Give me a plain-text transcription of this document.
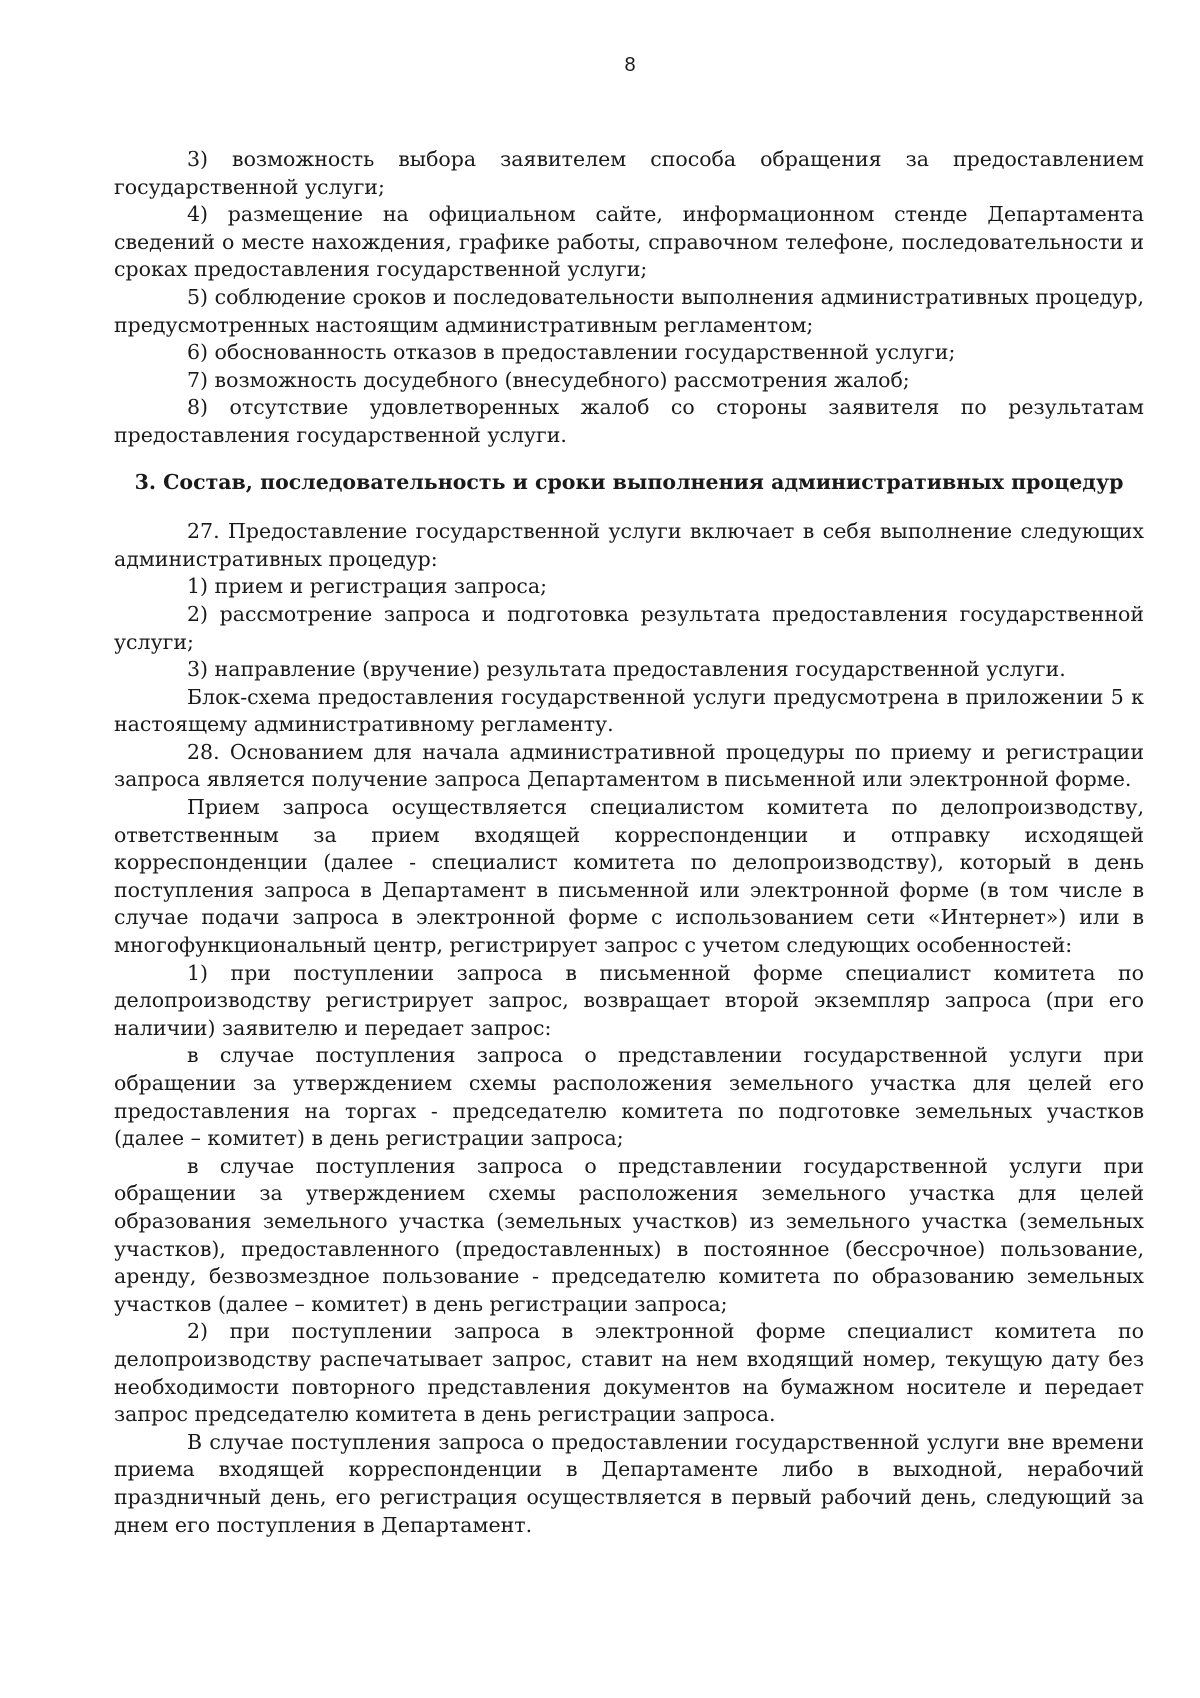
8

3) возможность выбора заявителем способа обращения за предоставлением государственной услуги;

4) размещение на официальном сайте, информационном стенде Департамента сведений о месте нахождения, графике работы, справочном телефоне, последовательности и сроках предоставления государственной услуги;

5) соблюдение сроков и последовательности выполнения административных процедур, предусмотренных настоящим административным регламентом;

6) обоснованность отказов в предоставлении государственной услуги;

7) возможность досудебного (внесудебного) рассмотрения жалоб;

8) отсутствие удовлетворенных жалоб со стороны заявителя по результатам предоставления государственной услуги.

3. Состав, последовательность и сроки выполнения административных процедур

27. Предоставление государственной услуги включает в себя выполнение следующих административных процедур:

1) прием и регистрация запроса;

2) рассмотрение запроса и подготовка результата предоставления государственной услуги;

3) направление (вручение) результата предоставления государственной услуги.

Блок-схема предоставления государственной услуги предусмотрена в приложении 5 к настоящему административному регламенту.

28. Основанием для начала административной процедуры по приему и регистрации запроса является получение запроса Департаментом в письменной или электронной форме.

Прием запроса осуществляется специалистом комитета по делопроизводству, ответственным за прием входящей корреспонденции и отправку исходящей корреспонденции (далее - специалист комитета по делопроизводству), который в день поступления запроса в Департамент в письменной или электронной форме (в том числе в случае подачи запроса в электронной форме с использованием сети «Интернет») или в многофункциональный центр, регистрирует запрос с учетом следующих особенностей:

1) при поступлении запроса в письменной форме специалист комитета по делопроизводству регистрирует запрос, возвращает второй экземпляр запроса (при его наличии) заявителю и передает запрос:

в случае поступления запроса о представлении государственной услуги при обращении за утверждением схемы расположения земельного участка для целей его предоставления на торгах - председателю комитета по подготовке земельных участков (далее – комитет) в день регистрации запроса;

в случае поступления запроса о представлении государственной услуги при обращении за утверждением схемы расположения земельного участка для целей образования земельного участка (земельных участков) из земельного участка (земельных участков), предоставленного (предоставленных) в постоянное (бессрочное) пользование, аренду, безвозмездное пользование - председателю комитета по образованию земельных участков (далее – комитет) в день регистрации запроса;

2) при поступлении запроса в электронной форме специалист комитета по делопроизводству распечатывает запрос, ставит на нем входящий номер, текущую дату без необходимости повторного представления документов на бумажном носителе и передает запрос председателю комитета в день регистрации запроса.

В случае поступления запроса о предоставлении государственной услуги вне времени приема входящей корреспонденции в Департаменте либо в выходной, нерабочий праздничный день, его регистрация осуществляется в первый рабочий день, следующий за днем его поступления в Департамент.
